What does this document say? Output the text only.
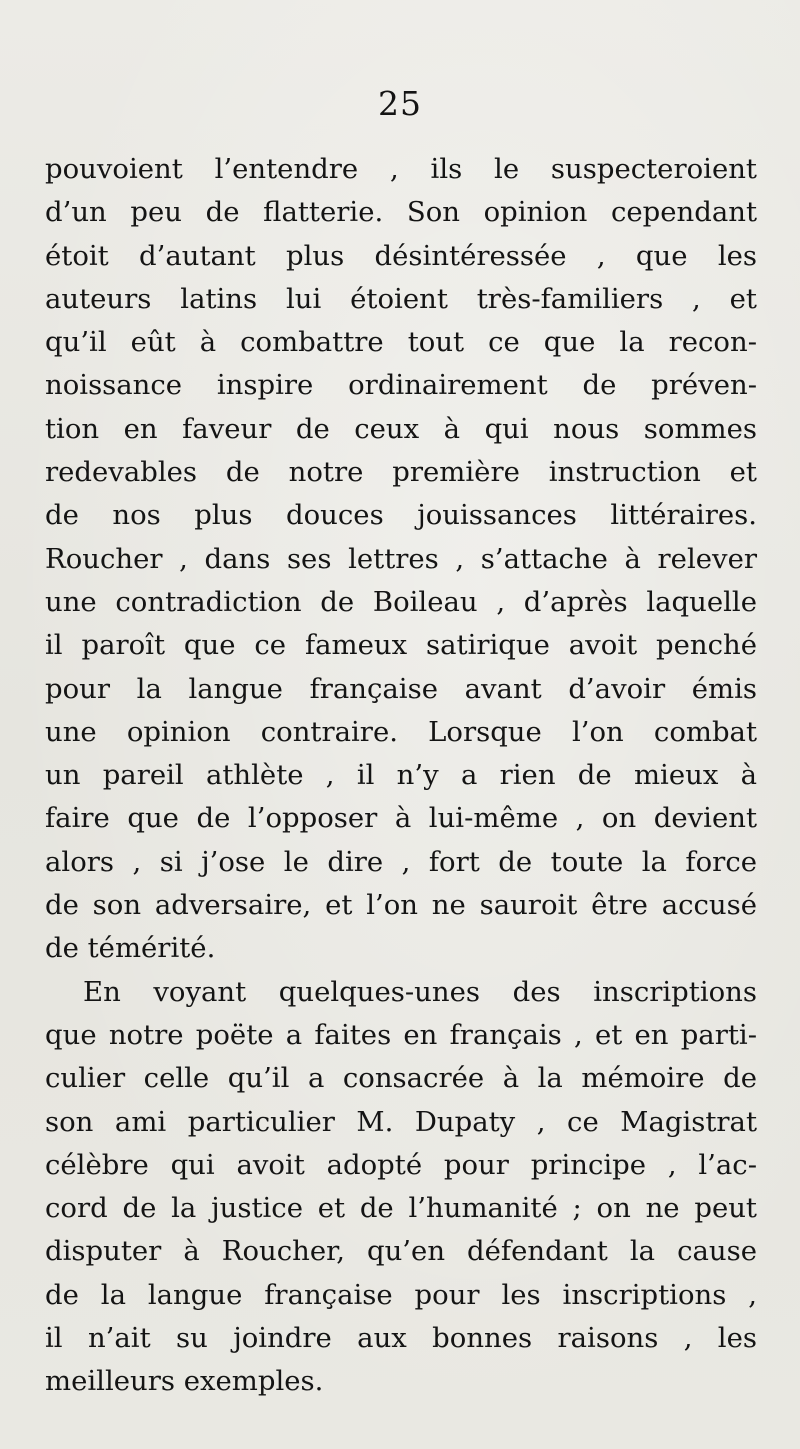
25
pouvoient l’entendre , ils le suspecteroient
d’un peu de flatterie. Son opinion cependant
étoit d’autant plus désintéressée , que les
auteurs latins lui étoient très-familiers , et
qu’il eût à combattre tout ce que la recon-
noissance inspire ordinairement de préven-
tion en faveur de ceux à qui nous sommes
redevables de notre première instruction et
de nos plus douces jouissances littéraires.
Roucher , dans ses lettres , s’attache à relever
une contradiction de Boileau , d’après laquelle
il paroît que ce fameux satirique avoit penché
pour la langue française avant d’avoir émis
une opinion contraire. Lorsque l’on combat
un pareil athlète , il n’y a rien de mieux à
faire que de l’opposer à lui-même , on devient
alors , si j’ose le dire , fort de toute la force
de son adversaire, et l’on ne sauroit être accusé
de témérité.
En voyant quelques-unes des inscriptions
que notre poëte a faites en français , et en parti-
culier celle qu’il a consacrée à la mémoire de
son ami particulier M. Dupaty , ce Magistrat
célèbre qui avoit adopté pour principe , l’ac-
cord de la justice et de l’humanité ; on ne peut
disputer à Roucher, qu’en défendant la cause
de la langue française pour les inscriptions ,
il n’ait su joindre aux bonnes raisons , les
meilleurs exemples.
